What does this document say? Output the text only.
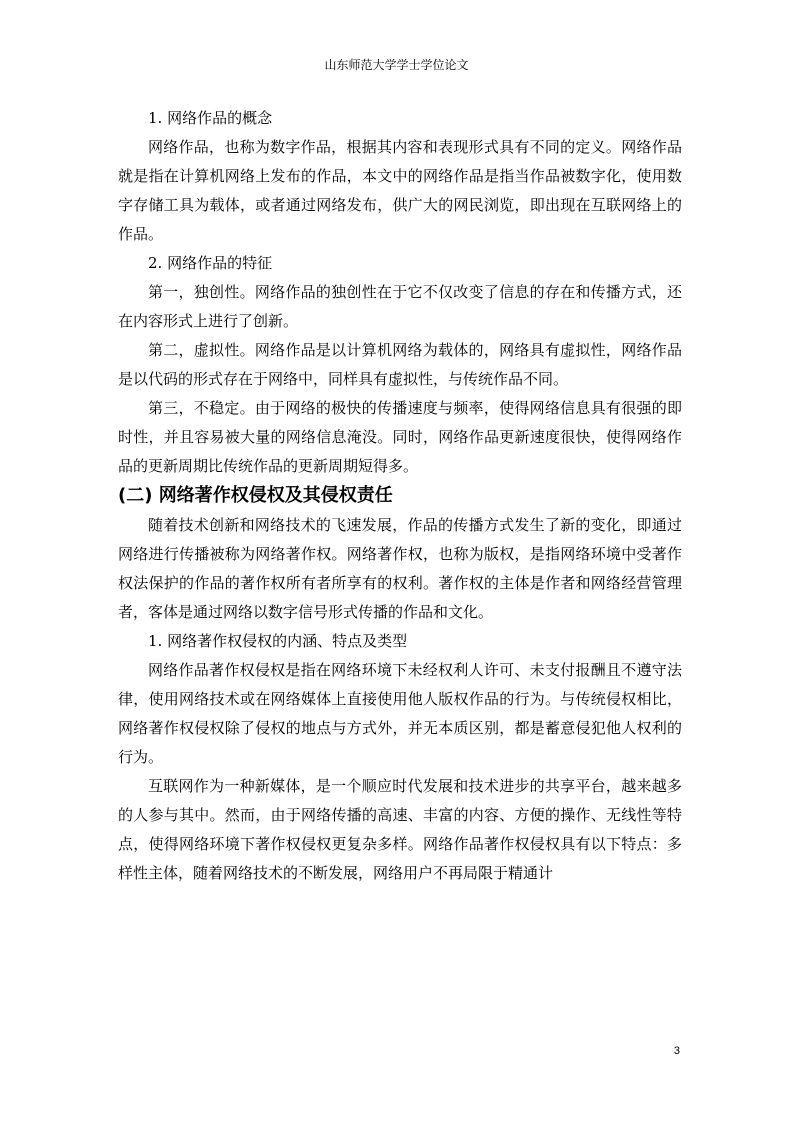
山东师范大学学士学位论文
1. 网络作品的概念

网络作品，也称为数字作品，根据其内容和表现形式具有不同的定义。网络作品就是指在计算机网络上发布的作品，本文中的网络作品是指当作品被数字化，使用数字存储工具为载体，或者通过网络发布，供广大的网民浏览，即出现在互联网络上的作品。

2. 网络作品的特征

第一，独创性。网络作品的独创性在于它不仅改变了信息的存在和传播方式，还在内容形式上进行了创新。

第二，虚拟性。网络作品是以计算机网络为载体的，网络具有虚拟性，网络作品是以代码的形式存在于网络中，同样具有虚拟性，与传统作品不同。

第三，不稳定。由于网络的极快的传播速度与频率，使得网络信息具有很强的即时性，并且容易被大量的网络信息淹没。同时，网络作品更新速度很快，使得网络作品的更新周期比传统作品的更新周期短得多。

(二) 网络著作权侵权及其侵权责任

随着技术创新和网络技术的飞速发展，作品的传播方式发生了新的变化，即通过网络进行传播被称为网络著作权。网络著作权，也称为版权，是指网络环境中受著作权法保护的作品的著作权所有者所享有的权利。著作权的主体是作者和网络经营管理者，客体是通过网络以数字信号形式传播的作品和文化。

1. 网络著作权侵权的内涵、特点及类型

网络作品著作权侵权是指在网络环境下未经权利人许可、未支付报酬且不遵守法律，使用网络技术或在网络媒体上直接使用他人版权作品的行为。与传统侵权相比，网络著作权侵权除了侵权的地点与方式外，并无本质区别，都是蓄意侵犯他人权利的行为。

互联网作为一种新媒体，是一个顺应时代发展和技术进步的共享平台，越来越多的人参与其中。然而，由于网络传播的高速、丰富的内容、方便的操作、无线性等特点，使得网络环境下著作权侵权更复杂多样。网络作品著作权侵权具有以下特点：多样性主体，随着网络技术的不断发展，网络用户不再局限于精通计

3
